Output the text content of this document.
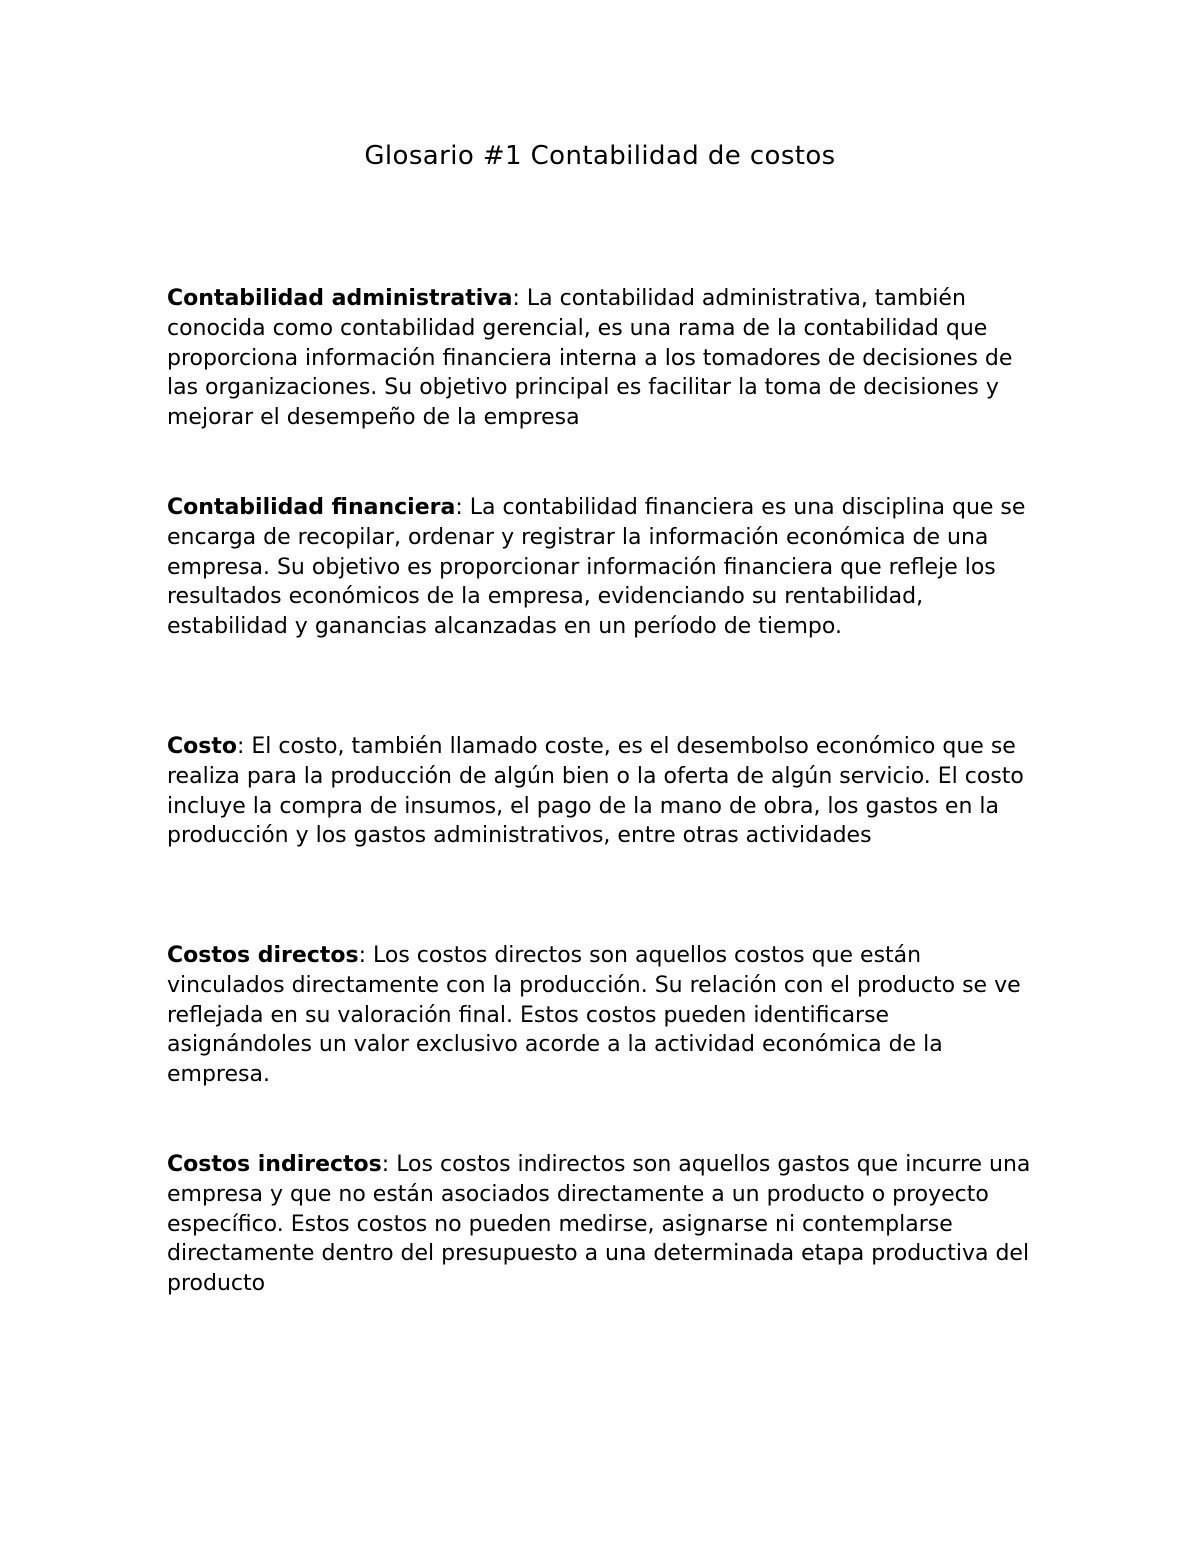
Glosario #1 Contabilidad de costos

Contabilidad administrativa: La contabilidad administrativa, también conocida como contabilidad gerencial, es una rama de la contabilidad que proporciona información financiera interna a los tomadores de decisiones de las organizaciones. Su objetivo principal es facilitar la toma de decisiones y mejorar el desempeño de la empresa

Contabilidad financiera: La contabilidad financiera es una disciplina que se encarga de recopilar, ordenar y registrar la información económica de una empresa. Su objetivo es proporcionar información financiera que refleje los resultados económicos de la empresa, evidenciando su rentabilidad, estabilidad y ganancias alcanzadas en un período de tiempo.

Costo: El costo, también llamado coste, es el desembolso económico que se realiza para la producción de algún bien o la oferta de algún servicio. El costo incluye la compra de insumos, el pago de la mano de obra, los gastos en la producción y los gastos administrativos, entre otras actividades

Costos directos: Los costos directos son aquellos costos que están vinculados directamente con la producción. Su relación con el producto se ve reflejada en su valoración final. Estos costos pueden identificarse asignándoles un valor exclusivo acorde a la actividad económica de la empresa.

Costos indirectos: Los costos indirectos son aquellos gastos que incurre una empresa y que no están asociados directamente a un producto o proyecto específico. Estos costos no pueden medirse, asignarse ni contemplarse directamente dentro del presupuesto a una determinada etapa productiva del producto
